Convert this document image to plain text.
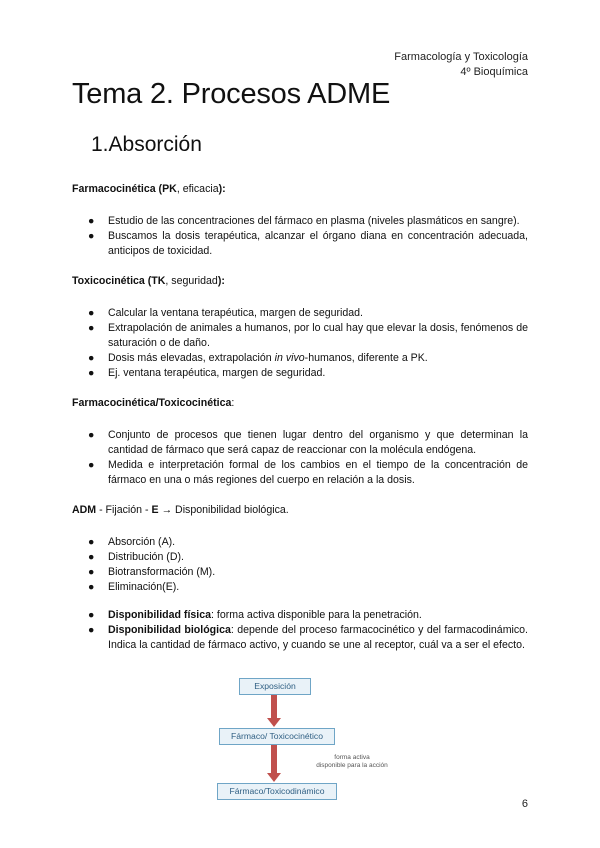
Farmacología y Toxicología
4º Bioquímica
Tema 2. Procesos ADME
1.Absorción

Farmacocinética (PK, eficacia):

● Estudio de las concentraciones del fármaco en plasma (niveles plasmáticos en sangre).
● Buscamos la dosis terapéutica, alcanzar el órgano diana en concentración adecuada, anticipos de toxicidad.

Toxicocinética (TK, seguridad):

● Calcular la ventana terapéutica, margen de seguridad.
● Extrapolación de animales a humanos, por lo cual hay que elevar la dosis, fenómenos de saturación o de daño.
● Dosis más elevadas, extrapolación in vivo-humanos, diferente a PK.
● Ej. ventana terapéutica, margen de seguridad.

Farmacocinética/Toxicocinética:

● Conjunto de procesos que tienen lugar dentro del organismo y que determinan la cantidad de fármaco que será capaz de reaccionar con la molécula endógena.
● Medida e interpretación formal de los cambios en el tiempo de la concentración de fármaco en una o más regiones del cuerpo en relación a la dosis.

ADM - Fijación - E → Disponibilidad biológica.

● Absorción (A).
● Distribución (D).
● Biotransformación (M).
● Eliminación(E).
● Disponibilidad física: forma activa disponible para la penetración.
● Disponibilidad biológica: depende del proceso farmacocinético y del farmacodinámico. Indica la cantidad de fármaco activo, y cuando se une al receptor, cuál va a ser el efecto.
Exposición
Fármaco/ Toxicocinético
forma activa
disponible para la acción
Fármaco/Toxicodinámico
6
